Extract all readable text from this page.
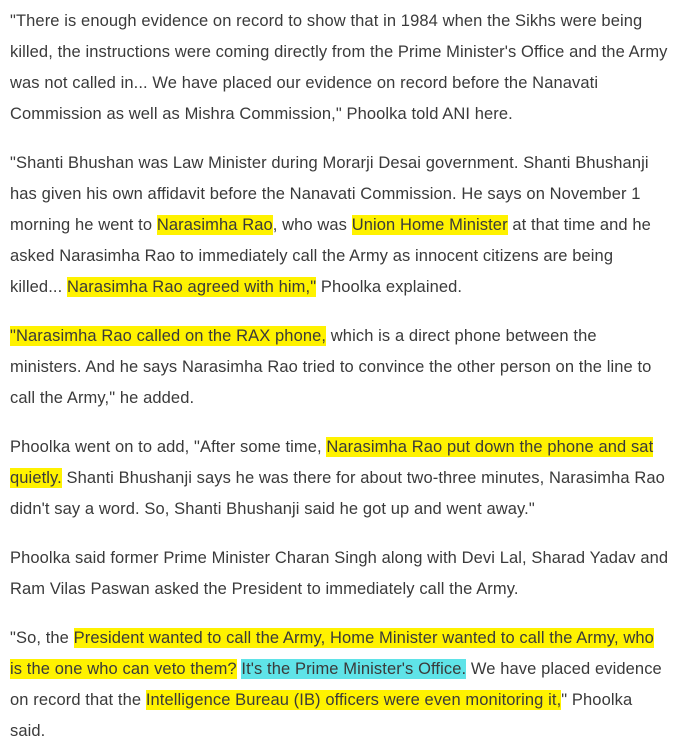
"There is enough evidence on record to show that in 1984 when the Sikhs were being killed, the instructions were coming directly from the Prime Minister's Office and the Army was not called in... We have placed our evidence on record before the Nanavati Commission as well as Mishra Commission," Phoolka told ANI here.

"Shanti Bhushan was Law Minister during Morarji Desai government. Shanti Bhushanji has given his own affidavit before the Nanavati Commission. He says on November 1 morning he went to Narasimha Rao, who was Union Home Minister at that time and he asked Narasimha Rao to immediately call the Army as innocent citizens are being killed... Narasimha Rao agreed with him," Phoolka explained.

"Narasimha Rao called on the RAX phone, which is a direct phone between the ministers. And he says Narasimha Rao tried to convince the other person on the line to call the Army," he added.

Phoolka went on to add, "After some time, Narasimha Rao put down the phone and sat quietly. Shanti Bhushanji says he was there for about two-three minutes, Narasimha Rao didn't say a word. So, Shanti Bhushanji said he got up and went away."

Phoolka said former Prime Minister Charan Singh along with Devi Lal, Sharad Yadav and Ram Vilas Paswan asked the President to immediately call the Army.

"So, the President wanted to call the Army, Home Minister wanted to call the Army, who is the one who can veto them? It's the Prime Minister's Office. We have placed evidence on record that the Intelligence Bureau (IB) officers were even monitoring it," Phoolka said.
